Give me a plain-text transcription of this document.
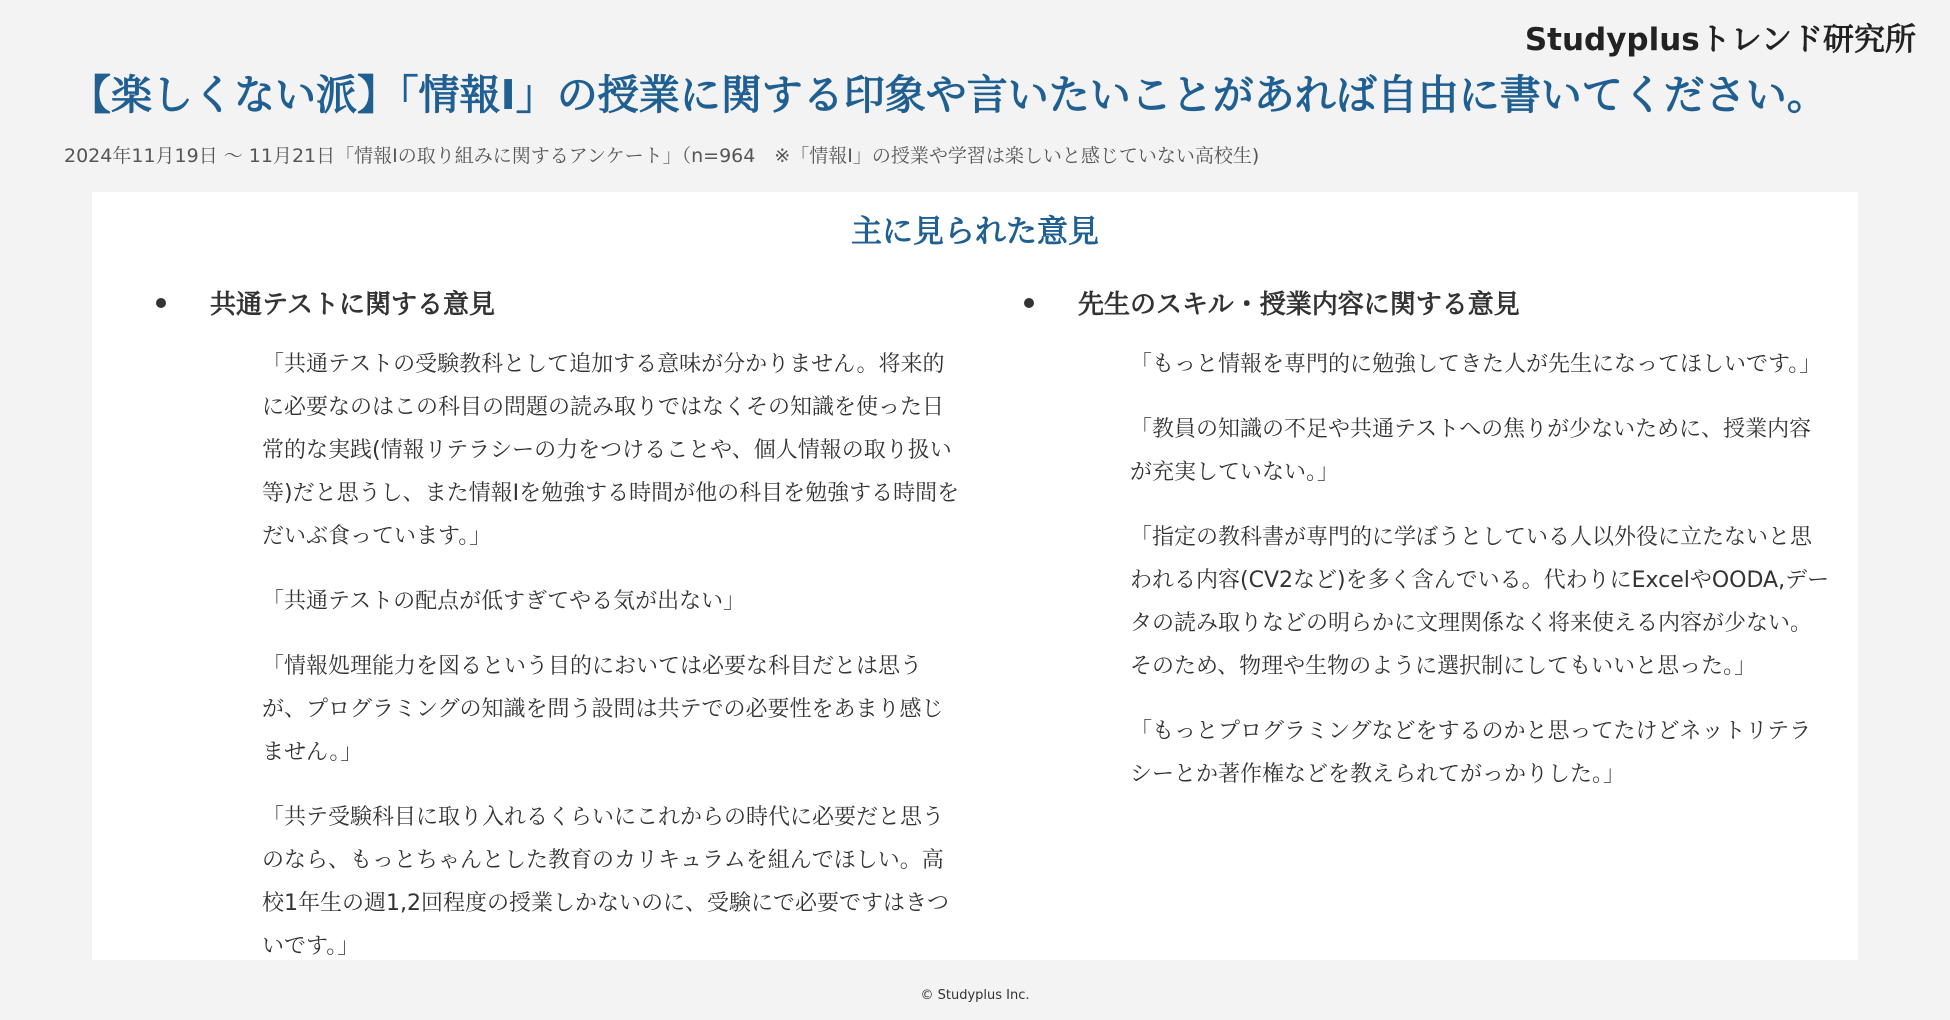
Studyplusトレンド研究所
【楽しくない派】「情報Ⅰ」の授業に関する印象や言いたいことがあれば自由に書いてください。
2024年11月19日 〜 11月21日「情報Ⅰの取り組みに関するアンケート」（n=964　※「情報Ⅰ」の授業や学習は楽しいと感じていない高校生)
主に見られた意見
共通テストに関する意見

「共通テストの受験教科として追加する意味が分かりません。将来的に必要なのはこの科目の問題の読み取りではなくその知識を使った日常的な実践(情報リテラシーの力をつけることや、個人情報の取り扱い等)だと思うし、また情報Iを勉強する時間が他の科目を勉強する時間をだいぶ食っています。」

「共通テストの配点が低すぎてやる気が出ない」

「情報処理能力を図るという目的においては必要な科目だとは思うが、プログラミングの知識を問う設問は共テでの必要性をあまり感じません。」

「共テ受験科目に取り入れるくらいにこれからの時代に必要だと思うのなら、もっとちゃんとした教育のカリキュラムを組んでほしい。高校1年生の週1,2回程度の授業しかないのに、受験にで必要ですはきついです。」

先生のスキル・授業内容に関する意見

「もっと情報を専門的に勉強してきた人が先生になってほしいです。」

「教員の知識の不足や共通テストへの焦りが少ないために、授業内容が充実していない。」

「指定の教科書が専門的に学ぼうとしている人以外役に立たないと思われる内容(CV2など)を多く含んでいる。代わりにExcelやOODA,データの読み取りなどの明らかに文理関係なく将来使える内容が少ない。そのため、物理や生物のように選択制にしてもいいと思った。」

「もっとプログラミングなどをするのかと思ってたけどネットリテラシーとか著作権などを教えられてがっかりした。」

© Studyplus Inc.
